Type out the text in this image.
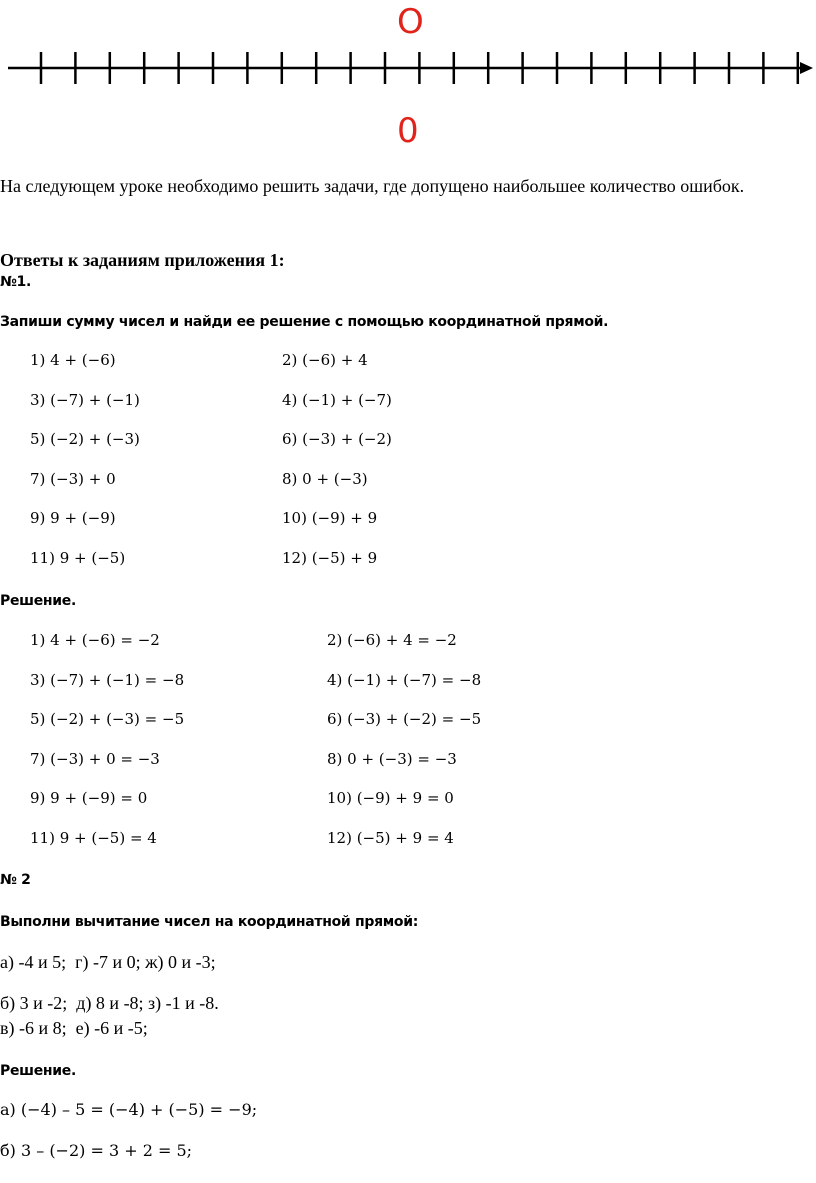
O
0
На следующем уроке необходимо решить задачи, где допущено наибольшее количество ошибок.
Ответы к заданиям приложения 1:
№1.
Запиши сумму чисел и найди ее решение с помощью координатной прямой.
1) 4 + (−6)	2) (−6) + 4
3) (−7) + (−1)	4) (−1) + (−7)
5) (−2) + (−3)	6) (−3) + (−2)
7) (−3) + 0	8) 0 + (−3)
9) 9 + (−9)	10) (−9) + 9
11) 9 + (−5)	12) (−5) + 9
Решение.
1) 4 + (−6) = −2	2) (−6) + 4 = −2
3) (−7) + (−1) = −8	4) (−1) + (−7) = −8
5) (−2) + (−3) = −5	6) (−3) + (−2) = −5
7) (−3) + 0 = −3	8) 0 + (−3) = −3
9) 9 + (−9) = 0	10) (−9) + 9 = 0
11) 9 + (−5) = 4	12) (−5) + 9 = 4
№ 2
Выполни вычитание чисел на координатной прямой:
а) -4 и 5;  г) -7 и 0; ж) 0 и -3;
б) 3 и -2;  д) 8 и -8; з) -1 и -8.
в) -6 и 8;  е) -6 и -5;
Решение.
а) (−4) – 5 = (−4) + (−5) = −9;
б) 3 – (−2) = 3 + 2 = 5;
